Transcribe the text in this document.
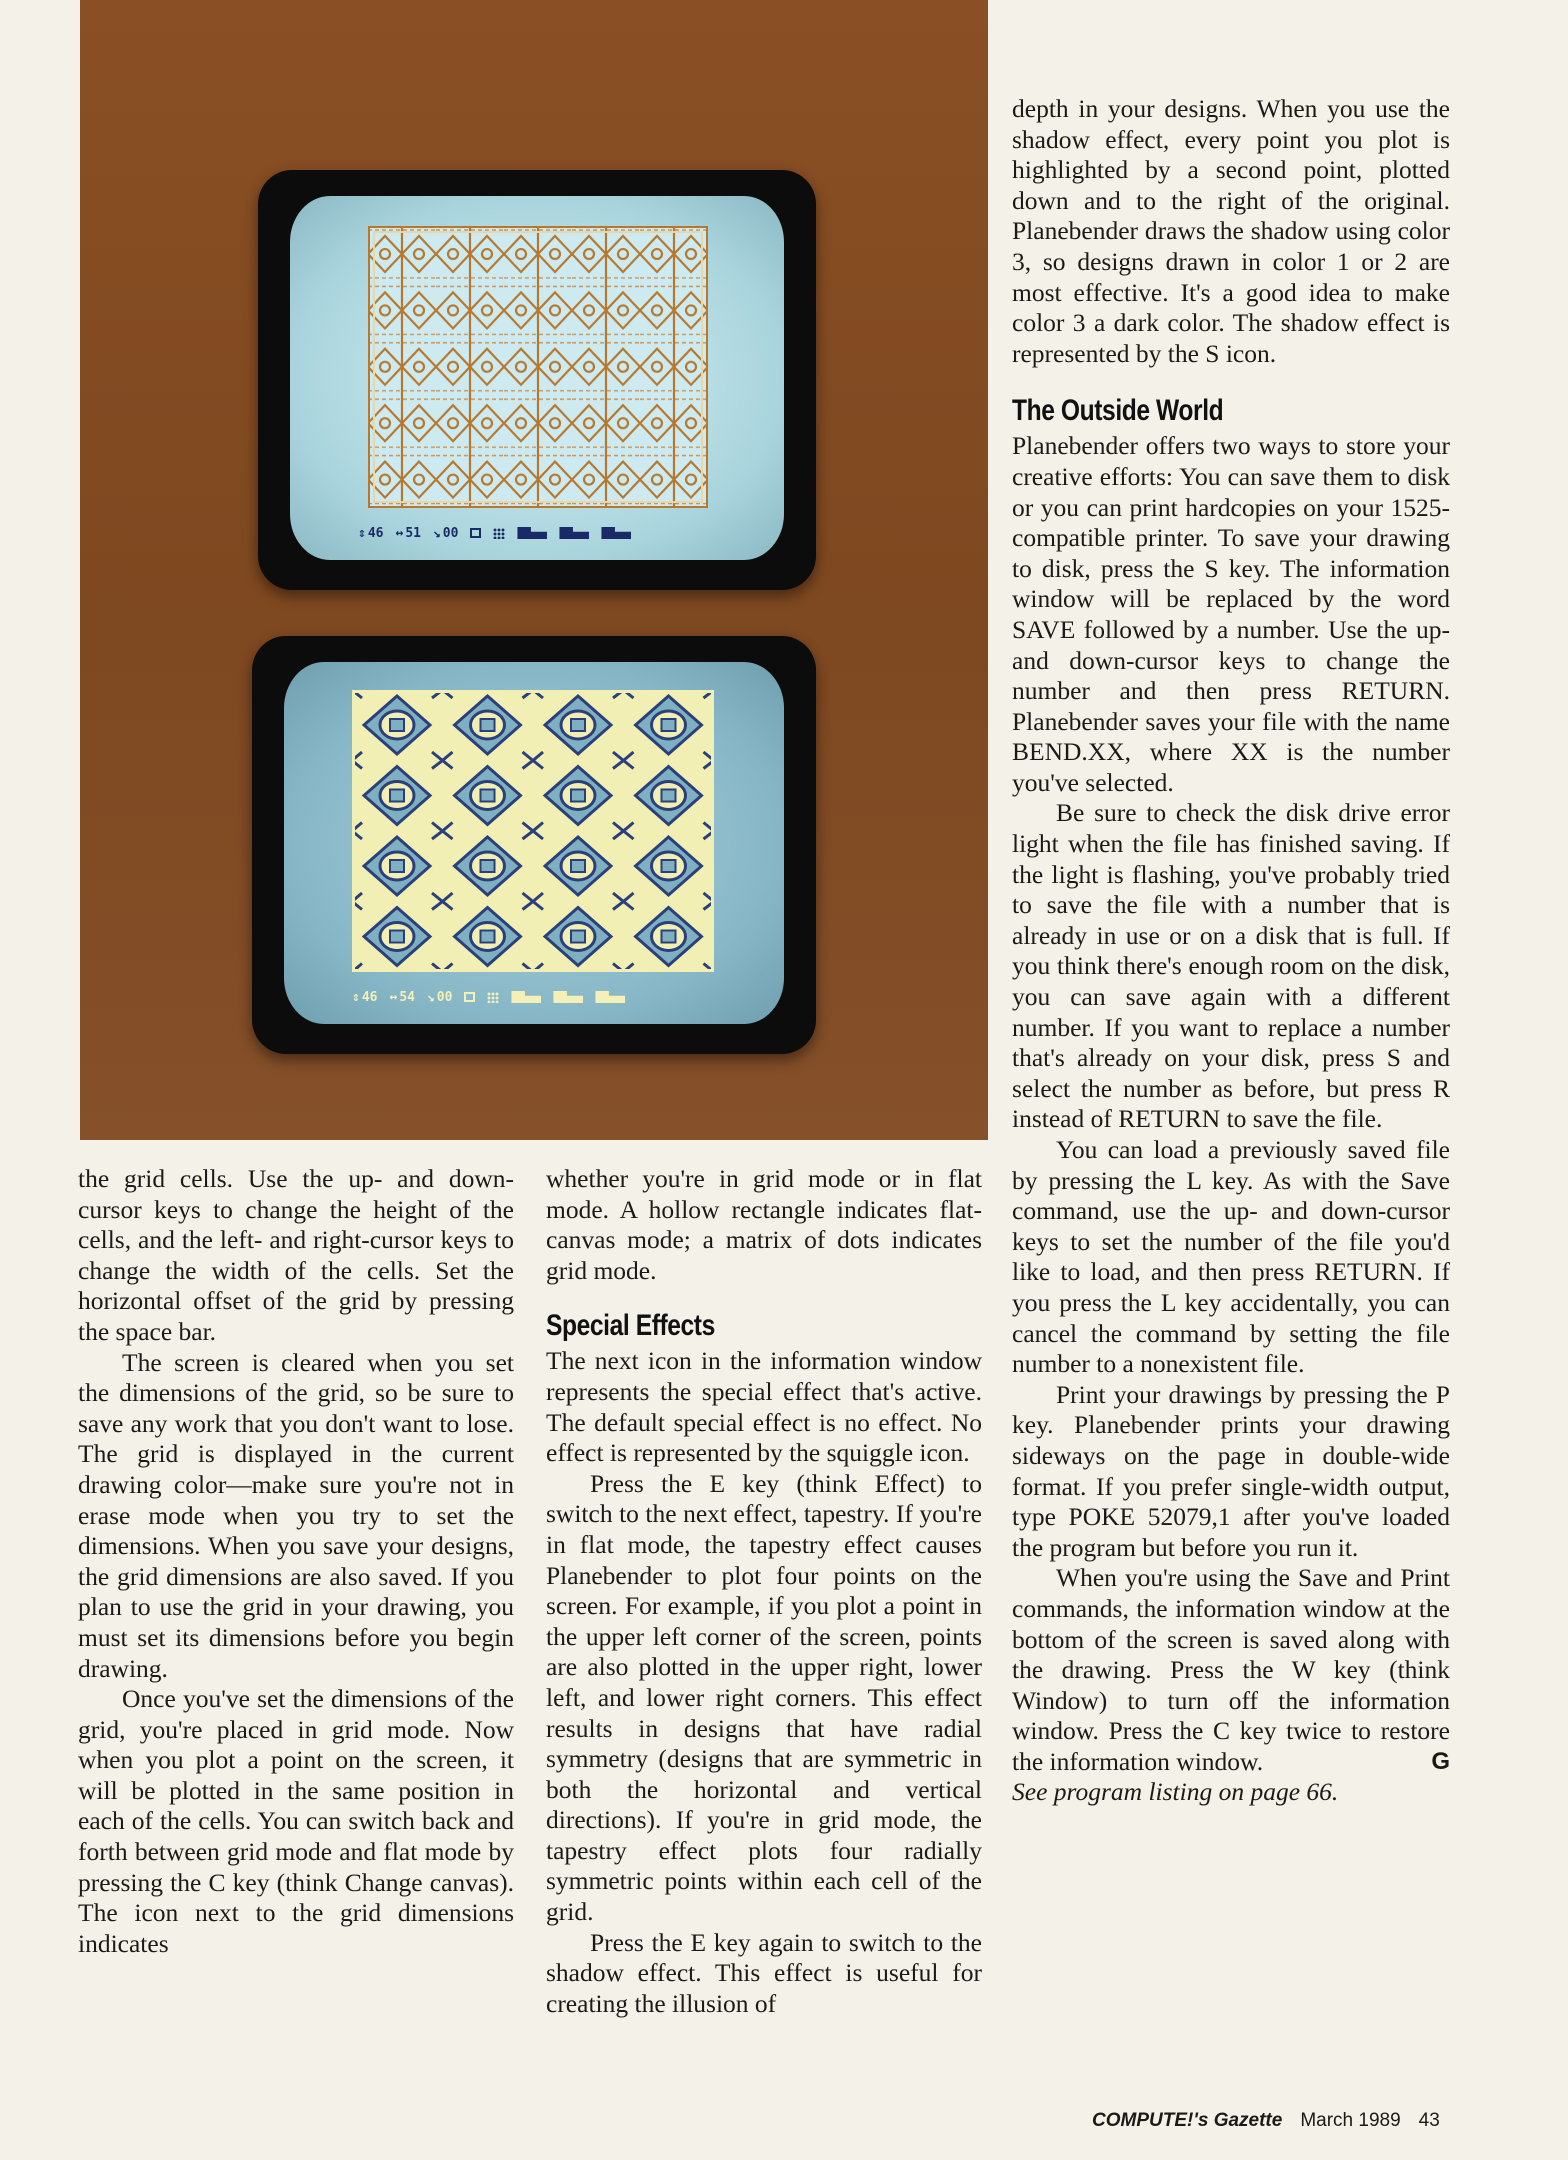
⇕ 46 ↔ 51 ↘ 00
⇕ 46 ↔ 54 ↘ 00

the grid cells. Use the up- and down-cursor keys to change the height of the cells, and the left- and right-cursor keys to change the width of the cells. Set the horizontal offset of the grid by pressing the space bar.

The screen is cleared when you set the dimensions of the grid, so be sure to save any work that you don't want to lose. The grid is displayed in the current drawing color—make sure you're not in erase mode when you try to set the dimensions. When you save your designs, the grid dimensions are also saved. If you plan to use the grid in your drawing, you must set its dimensions before you begin drawing.

Once you've set the dimensions of the grid, you're placed in grid mode. Now when you plot a point on the screen, it will be plotted in the same position in each of the cells. You can switch back and forth between grid mode and flat mode by pressing the C key (think Change canvas). The icon next to the grid dimensions indicates

whether you're in grid mode or in flat mode. A hollow rectangle indicates flat-canvas mode; a matrix of dots indicates grid mode.

Special Effects

The next icon in the information window represents the special effect that's active. The default special effect is no effect. No effect is represented by the squiggle icon.

Press the E key (think Effect) to switch to the next effect, tapestry. If you're in flat mode, the tapestry effect causes Planebender to plot four points on the screen. For example, if you plot a point in the upper left corner of the screen, points are also plotted in the upper right, lower left, and lower right corners. This effect results in designs that have radial symmetry (designs that are symmetric in both the horizontal and vertical directions). If you're in grid mode, the tapestry effect plots four radially symmetric points within each cell of the grid.

Press the E key again to switch to the shadow effect. This effect is useful for creating the illusion of

depth in your designs. When you use the shadow effect, every point you plot is highlighted by a second point, plotted down and to the right of the original. Planebender draws the shadow using color 3, so designs drawn in color 1 or 2 are most effective. It's a good idea to make color 3 a dark color. The shadow effect is represented by the S icon.

The Outside World

Planebender offers two ways to store your creative efforts: You can save them to disk or you can print hardcopies on your 1525-compatible printer. To save your drawing to disk, press the S key. The information window will be replaced by the word SAVE followed by a number. Use the up- and down-cursor keys to change the number and then press RETURN. Planebender saves your file with the name BEND.XX, where XX is the number you've selected.

Be sure to check the disk drive error light when the file has finished saving. If the light is flashing, you've probably tried to save the file with a number that is already in use or on a disk that is full. If you think there's enough room on the disk, you can save again with a different number. If you want to replace a number that's already on your disk, press S and select the number as before, but press R instead of RETURN to save the file.

You can load a previously saved file by pressing the L key. As with the Save command, use the up- and down-cursor keys to set the number of the file you'd like to load, and then press RETURN. If you press the L key accidentally, you can cancel the command by setting the file number to a nonexistent file.

Print your drawings by pressing the P key. Planebender prints your drawing sideways on the page in double-wide format. If you prefer single-width output, type POKE 52079,1 after you've loaded the program but before you run it.

When you're using the Save and Print commands, the information window at the bottom of the screen is saved along with the drawing. Press the W key (think Window) to turn off the information window. Press the C key twice to restore the information window.	G

See program listing on page 66.

COMPUTE!'s Gazette March 1989 43
